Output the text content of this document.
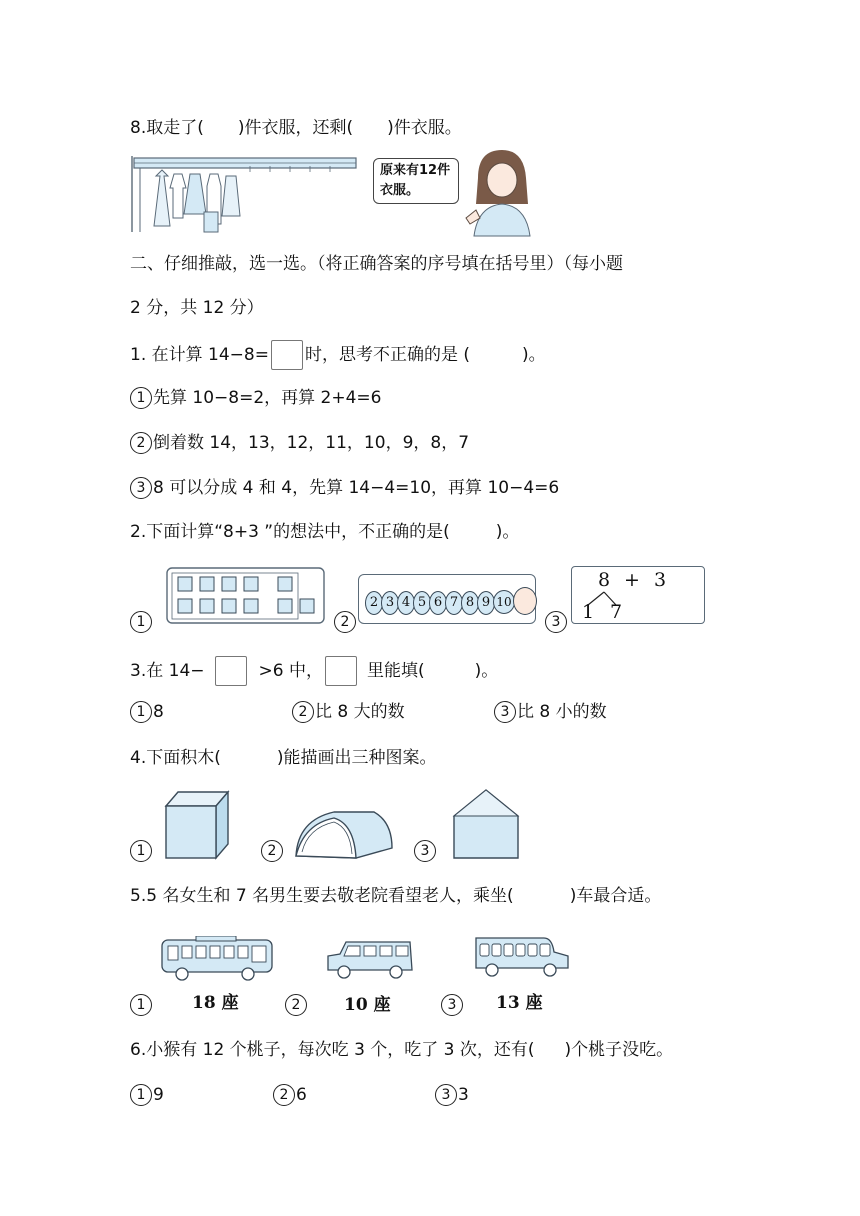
8.取走了( )件衣服，还剩( )件衣服。
原来有12件
衣服。
二、仔细推敲，选一选。（将正确答案的序号填在括号里）（每小题
2 分，共 12 分）
1. 在计算 14−8= 时，思考不正确的是 (	)。
1 先算 10−8=2，再算 2+4=6
2 倒着数 14，13，12，11，10，9，8，7
3 8 可以分成 4 和 4，先算 14−4=10，再算 10−4=6
2.下面计算“8+3 ”的想法中，不正确的是(	)。
1	2
2 3 4 5 6 7 8 9 10
3
8 + 3
1 7
3.在 14−	>6 中，	里能填(	)。
1 8	2 比 8 大的数	3 比 8 小的数
4.下面积木(	)能描画出三种图案。
1	2	3
5.5 名女生和 7 名男生要去敬老院看望老人，乘坐(	)车最合适。
1	18 座	2	10 座	3	13 座
6.小猴有 12 个桃子，每次吃 3 个，吃了 3 次，还有( )个桃子没吃。
1 9	2 6	3 3
